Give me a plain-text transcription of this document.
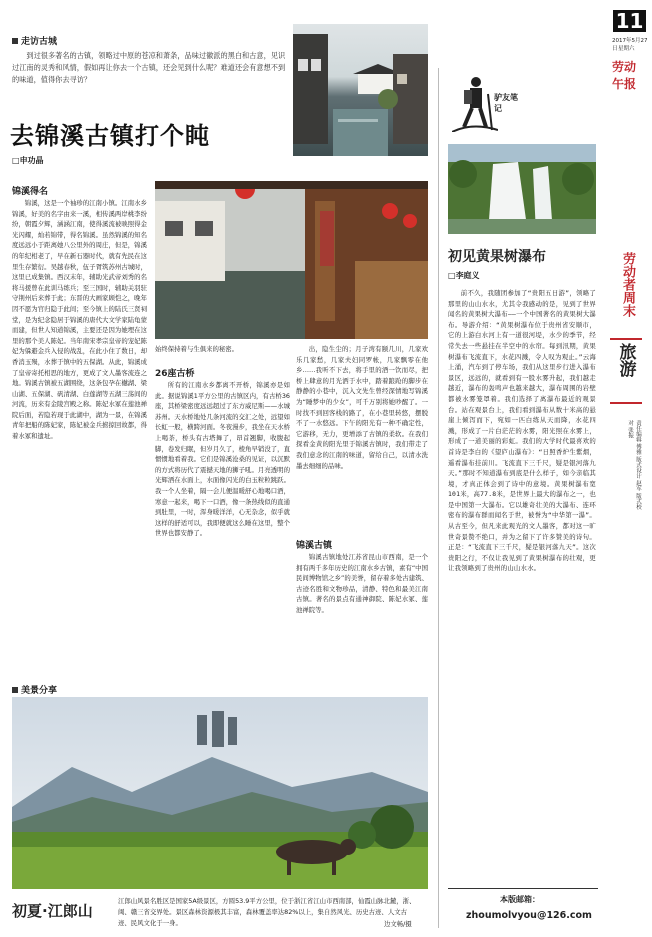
走访古城
到过很多著名的古镇，领略过中原的苍凉和萧条，品味过徽派的黑白和古意，见识过江南的灵秀和风情，假如再让你去一个古镇，还会见到什么呢？难道还会有意想不到的味道，值得你去寻访？
去锦溪古镇打个盹
□申功晶
锦溪得名

锦溪，这是一个袖珍的江南小镇。江南水乡锦溪，好美的名字由来一溪，相传溪两岸桃李纷纷，朝霞夕辉，涵涵江南，使得溪流被映照得金光闪耀，灿若锦带，得名锦溪。虽然锦溪的知名度远远小于距离她八公里外的周庄，但是，锦溪的年纪相老了，早在新石器时代，就有先民在这里生存繁衍。吴越春秋，伍子胥筑苏州古城时，这里已成集镇。西汉末年，辅助光武帝刘秀的名将马援曾在此训马练兵；至三国时，辅助关羽驻守荆州后来葬于此；东晋的大画家顾恺之，晚年因不愿为官归隐于此间；至今镇上的陆氏三贤祠堂，是为纪念隐居于锦溪的唐代大文学家陆龟蒙而建，但世人知道锦溪，主要还是因为她埋在这里的那个美人陈妃。当年南宋孝宗皇帝的宠妃陈妃为躲避金兵入侵的战乱，在此小住了数日，却香消玉殒，水葬于镇中的五保湖。从此，锦溪成了皇帝寄托相思的地方，更成了文人墨客流连之地。锦溪古镇被五湖围绕，这条包孕在樾湖、梁山湖、五保湖、矾清湖、白莲湖等五湖三荡间的河流，历来有金陵宫殿之称。陈妃水冢在莲池禅院后面，若隐若现于此湖中，湖为一景，在锦溪青年把船的陈妃家，陈妃被金兵掳掠回故都，得着水冢和遗址。

始终保持着与生俱来的秘密。
26座古桥

所有的江南水乡都离不开桥，锦溪亦是如此。据说锦溪1平方公里的古镇区内，有古桥36座，其桥梁密度远远超过了东方威尼斯——水城苏州。天水桥地处几条河流的交汇之处，远望如长虹一般，横跨河面。冬夜漫步，我坐在天水桥上喝茶，桥头有古塔舞了，昂首翘脚，收腹起脚，卷发归眠，但岁月久了，棱角早销没了，直惯惯地看着我。它们是锦溪沧桑的见证，以沉默的方式将历代了震撼天地的狮子吼。月亮透明的光辉洒在水面上，水面像闪光的白玉粒粒跳跃。我一个人坐着，隔一会儿便温暖舒心地喝口酒，寒意一起来，喝下一口酒，像一条热线似的直通到肚里，一时，浑身暖洋洋，心无杂念，似乎就这样的舒适可以，我即便就这么睡在这里，整个世界也都安静了。

出，隐生尘的；月子湾有颐几川，几家欢乐几家愁，几家夫妇同罗帐，几家飘零在他乡……我听不下去，将手里的酒一饮而尽，把桥上肆意的月光洒于水中，踏着踉跄的脚步在静静的小巷中，沉入文先生曾经深情地写锦溪为“睡梦中的少女”，可千万别将她吵醒了。一时找不到回客栈的路了，在小巷里转悠，摆脱不了一水悠远。下午的阳光有一种不确定性，它游移，无力，更增添了古镇的柔软。在我们探看金黄的阳光里于锦溪古镇时，我们带走了我们意念的江南的味道，留给自己，以清水洗墨去细细的品味。

锦溪古镇

锦溪古镇地处江苏省昆山市西南，是一个拥有两千多年历史的江南水乡古镇，素有“中国民间博物馆之乡”的美誉，留存着多处古建筑、古迹名胜和文物珍品，清静、特色和最美江南古镇。著名的景点有通神御院、陈妃水冢、莲池禅院等。

美景分享
初夏·江郎山
江郎山风景名胜区是国家5A级景区，方圆53.9平方公里，位于浙江省江山市西南部，仙霞山脉北麓，浙、闽、赣三省交界处。景区森林资源极其丰富，森林覆盖率达82%以上，集自然风光、历史古迹、人文古迹、民风文化于一身。	边文畅/摄
11
2017年5月27日 星期六
劳动午报
驴友笔记
初见黄果树瀑布
□李庭义

前不久，我随团参加了“贵阳五日游”，领略了那里的山山水水，尤其令我感动的是，见到了世界闻名的黄果树大瀑布——一个中国著名的黄果树大瀑布。导游介绍：“黄果树瀑布位于贵州省安顺市，它的上游白水河上有一道很河堤，水少的季节，经常失去一些悬挂在半空中的水帘。每到汛期，黄果树瀑布飞流直下，水花四溅，令人叹为观止。”云海上涌，汽车到了停车场，我们从这里步行进入瀑布景区，远远的，就看到有一股水雾升起，我们越走越近，瀑布的轰鸣声也越来越大，瀑布周围的岩壁都被水雾笼罩着。我们选择了离瀑布最近的观景台。站在观景台上，我们看到瀑布从数十米高的悬崖上倾泻而下，宛如一匹白练从天而降，水花四溅，形成了一片白茫茫的水雾，阳光照在水雾上，形成了一道美丽的彩虹。我们的大学时代最喜欢的首诗是李白的《望庐山瀑布》：“日照香炉生紫烟，遥看瀑布挂前川。飞流直下三千尺，疑是银河落九天。”那时不知道瀑布到底是什么样子，如今亲临其境，才真正体会到了诗中的意境。黄果树瀑布宽101米，高77.8米，是世界上最大的瀑布之一，也是中国第一大瀑布。它以雄奇壮美的大瀑布、连环密布的瀑布群而闻名于世，被誉为“中华第一瀑”。从古至今，但凡来此观光的文人墨客，都对这一旷世奇景赞不绝口，并为之留下了许多赞美的诗句。正是：“飞流直下三千尺，疑是银河落九天”。这次贵阳之行，不仅让我见到了黄果树瀑布的壮观，更让我领略到了贵州的山山水水。

劳动者周末
旅游
责任编辑 傅雅 版式设计 赵军 版式校对 张振
本版邮箱：
zhoumolvyou@126.com
